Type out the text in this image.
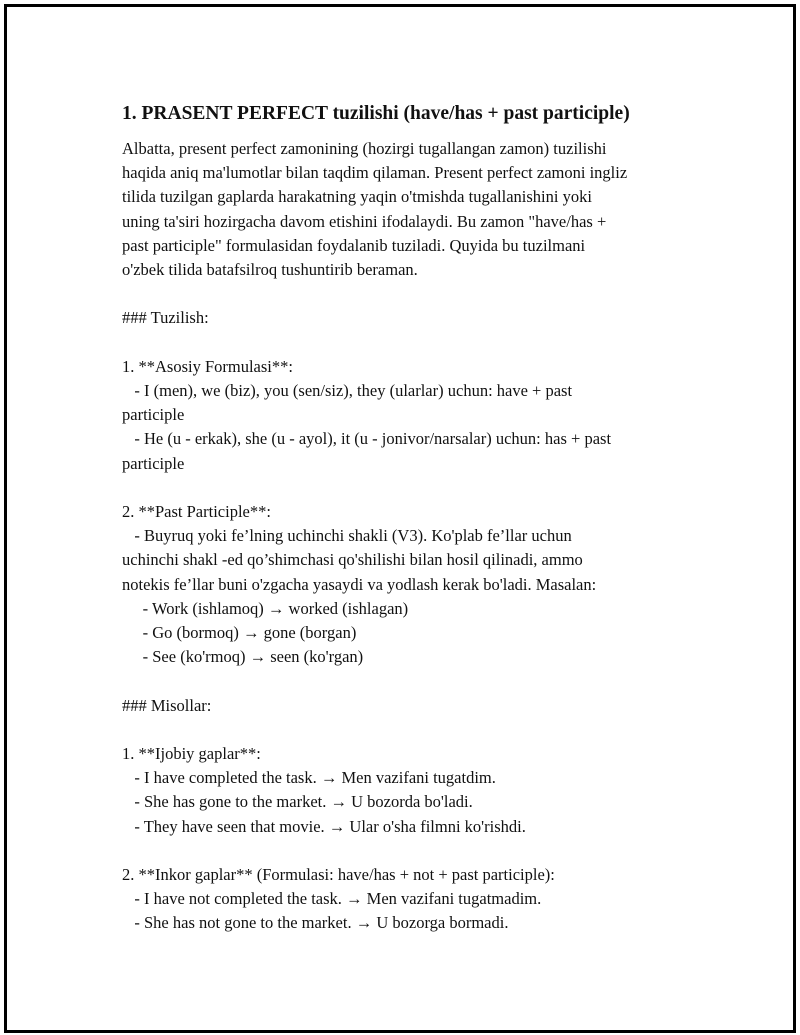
1. PRASENT PERFECT tuzilishi (have/has + past participle)
Albatta, present perfect zamonining (hozirgi tugallangan zamon) tuzilishi
haqida aniq ma'lumotlar bilan taqdim qilaman. Present perfect zamoni ingliz
tilida tuzilgan gaplarda harakatning yaqin o'tmishda tugallanishini yoki
uning ta'siri hozirgacha davom etishini ifodalaydi. Bu zamon "have/has +
past participle" formulasidan foydalanib tuziladi. Quyida bu tuzilmani
o'zbek tilida batafsilroq tushuntirib beraman.
### Tuzilish:
1. **Asosiy Formulasi**:
- I (men), we (biz), you (sen/siz), they (ularlar) uchun: have + past
participle
- He (u - erkak), she (u - ayol), it (u - jonivor/narsalar) uchun: has + past
participle
2. **Past Participle**:
- Buyruq yoki fe’lning uchinchi shakli (V3). Ko'plab fe’llar uchun
uchinchi shakl -ed qo’shimchasi qo'shilishi bilan hosil qilinadi, ammo
notekis fe’llar buni o'zgacha yasaydi va yodlash kerak bo'ladi. Masalan:
- Work (ishlamoq) → worked (ishlagan)
- Go (bormoq) → gone (borgan)
- See (ko'rmoq) → seen (ko'rgan)
### Misollar:
1. **Ijobiy gaplar**:
- I have completed the task. → Men vazifani tugatdim.
- She has gone to the market. → U bozorda bo'ladi.
- They have seen that movie. → Ular o'sha filmni ko'rishdi.
2. **Inkor gaplar** (Formulasi: have/has + not + past participle):
- I have not completed the task. → Men vazifani tugatmadim.
- She has not gone to the market. → U bozorga bormadi.
